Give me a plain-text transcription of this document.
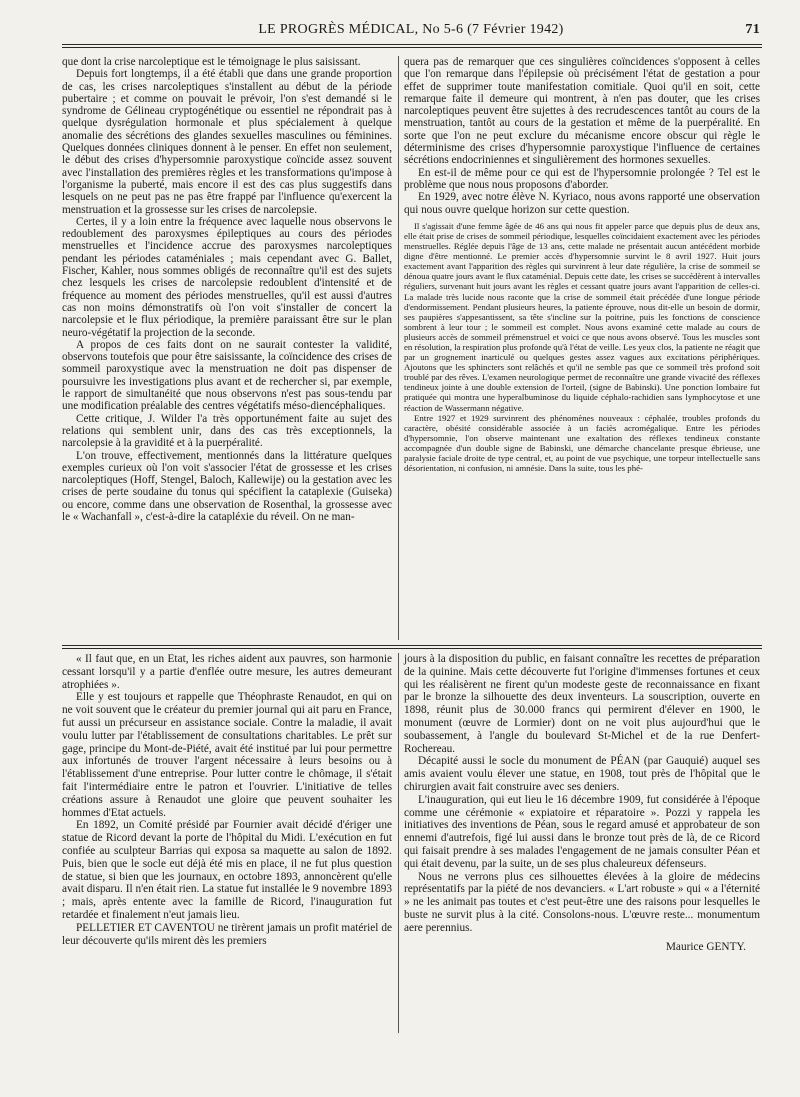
LE PROGRÈS MÉDICAL, No 5-6 (7 Février 1942)	71

que dont la crise narcoleptique est le témoignage le plus saisissant.

Depuis fort longtemps, il a été établi que dans une grande proportion de cas, les crises narcoleptiques s'installent au début de la période pubertaire ; et comme on pouvait le prévoir, l'on s'est demandé si le syndrome de Gélineau cryptogénétique ou essentiel ne répondrait pas à quelque dysrégulation hormonale et plus spécialement à quelque anomalie des sécrétions des glandes sexuelles masculines ou féminines. Quelques données cliniques donnent à le penser. En effet non seulement, le début des crises d'hypersomnie paroxystique coïncide assez souvent avec l'installation des premières règles et les transformations qu'impose à l'organisme la puberté, mais encore il est des cas plus suggestifs dans lesquels on ne peut pas ne pas être frappé par l'influence qu'exercent la menstruation et la grossesse sur les crises de narcolepsie.

Certes, il y a loin entre la fréquence avec laquelle nous observons le redoublement des paroxysmes épileptiques au cours des périodes menstruelles et l'incidence accrue des paroxysmes narcoleptiques pendant les périodes cataméniales ; mais cependant avec G. Ballet, Fischer, Kahler, nous sommes obligés de reconnaître qu'il est des sujets chez lesquels les crises de narcolepsie redoublent d'intensité et de fréquence au moment des périodes menstruelles, qu'il est aussi d'autres cas non moins démonstratifs où l'on voit s'installer de concert la narcolepsie et le flux périodique, la première paraissant être sur le plan neuro-végétatif la projection de la seconde.

A propos de ces faits dont on ne saurait contester la validité, observons toutefois que pour être saisissante, la coïncidence des crises de sommeil paroxystique avec la menstruation ne doit pas dispenser de poursuivre les investigations plus avant et de rechercher si, par exemple, le rapport de simultanéité que nous observons n'est pas sous-tendu par une modification préalable des centres végétatifs méso-diencéphaliques.

Cette critique, J. Wilder l'a très opportunément faite au sujet des relations qui semblent unir, dans des cas très exceptionnels, la narcolepsie à la gravidité et à la puerpéralité.

L'on trouve, effectivement, mentionnés dans la littérature quelques exemples curieux où l'on voit s'associer l'état de grossesse et les crises narcoleptiques (Hoff, Stengel, Baloch, Kallewije) ou la gestation avec les crises de perte soudaine du tonus qui spécifient la cataplexie (Guiseka) ou encore, comme dans une observation de Rosenthal, la grossesse avec le « Wachanfall », c'est-à-dire la catapléxie du réveil. On ne man-

quera pas de remarquer que ces singulières coïncidences s'opposent à celles que l'on remarque dans l'épilepsie où précisément l'état de gestation a pour effet de supprimer toute manifestation comitiale. Quoi qu'il en soit, cette remarque faite il demeure qui montrent, à n'en pas douter, que les crises narcoleptiques peuvent être sujettes à des recrudescences tantôt au cours de la menstruation, tantôt au cours de la gestation et même de la puerpéralité. En sorte que l'on ne peut exclure du mécanisme encore obscur qui règle le déterminisme des crises d'hypersomnie paroxystique l'influence de certaines sécrétions endocriniennes et singulièrement des hormones sexuelles.

En est-il de même pour ce qui est de l'hypersomnie prolongée ? Tel est le problème que nous nous proposons d'aborder.

En 1929, avec notre élève N. Kyriaco, nous avons rapporté une observation qui nous ouvre quelque horizon sur cette question.

Il s'agissait d'une femme âgée de 46 ans qui nous fit appeler parce que depuis plus de deux ans, elle était prise de crises de sommeil périodique, lesquelles coïncidaient exactement avec les périodes menstruelles. Réglée depuis l'âge de 13 ans, cette malade ne présentait aucun antécédent morbide digne d'être mentionné. Le premier accès d'hypersomnie survint le 8 avril 1927. Huit jours exactement avant l'apparition des règles qui survinrent à leur date régulière, la crise de sommeil se dénoua quatre jours avant le flux cataménial. Depuis cette date, les crises se succédèrent à intervalles réguliers, survenant huit jours avant les règles et cessant quatre jours avant l'apparition de celles-ci. La malade très lucide nous raconte que la crise de sommeil était précédée d'une longue période d'endormissement. Pendant plusieurs heures, la patiente éprouve, nous dit-elle un besoin de dormir, ses paupières s'appesantissent, sa tête s'incline sur la poitrine, puis les fonctions de conscience sombrent à leur tour ; le sommeil est complet. Nous avons examiné cette malade au cours de plusieurs accès de sommeil prémenstruel et voici ce que nous avons observé. Tous les muscles sont en résolution, la respiration plus profonde qu'à l'état de veille. Les yeux clos, la patiente ne réagit que par un grognement inarticulé ou quelques gestes assez vagues aux excitations périphériques. Ajoutons que les sphincters sont relâchés et qu'il ne semble pas que ce sommeil très profond soit troublé par des rêves. L'examen neurologique permet de reconnaître une grande vivacité des réflexes tendineux jointe à une double extension de l'orteil, (signe de Babinski). Une ponction lombaire fut pratiquée qui montra une hyperalbuminose du liquide céphalo-rachidien sans lymphocytose et une réaction de Wassermann négative.

Entre 1927 et 1929 survinrent des phénomènes nouveaux : céphalée, troubles profonds du caractère, obésité considérable associée à un faciès acromégalique. Entre les périodes d'hypersomnie, l'on observe maintenant une exaltation des réflexes tendineux constante accompagnée d'un double signe de Babinski, une démarche chancelante presque ébrieuse, une paralysie faciale droite de type central, et, au point de vue psychique, une torpeur intellectuelle sans désorientation, ni confusion, ni amnésie. Dans la suite, tous les phé-

« Il faut que, en un Etat, les riches aident aux pauvres, son harmonie cessant lorsqu'il y a partie d'enflée outre mesure, les autres demeurant atrophiées ».

Elle y est toujours et rappelle que Théophraste Renaudot, en qui on ne voit souvent que le créateur du premier journal qui ait paru en France, fut aussi un précurseur en assistance sociale. Contre la maladie, il avait voulu lutter par l'établissement de consultations charitables. Le prêt sur gage, principe du Mont-de-Piété, avait été institué par lui pour permettre aux infortunés de trouver l'argent nécessaire à leurs besoins ou à l'établissement d'une entreprise. Pour lutter contre le chômage, il s'était fait l'intermédiaire entre le patron et l'ouvrier. L'initiative de telles créations assure à Renaudot une gloire que peuvent souhaiter les hommes d'Etat actuels.

En 1892, un Comité présidé par Fournier avait décidé d'ériger une statue de Ricord devant la porte de l'hôpital du Midi. L'exécution en fut confiée au sculpteur Barrias qui exposa sa maquette au salon de 1892. Puis, bien que le socle eut déjà été mis en place, il ne fut plus question de statue, si bien que les journaux, en octobre 1893, annoncèrent qu'elle avait disparu. Il n'en était rien. La statue fut installée le 9 novembre 1893 ; mais, après entente avec la famille de Ricord, l'inauguration fut retardée et finalement n'eut jamais lieu.

PELLETIER ET CAVENTOU ne tirèrent jamais un profit matériel de leur découverte qu'ils mirent dès les premiers

jours à la disposition du public, en faisant connaître les recettes de préparation de la quinine. Mais cette découverte fut l'origine d'immenses fortunes et ceux qui les réalisèrent ne firent qu'un modeste geste de reconnaissance en fixant par le bronze la silhouette des deux inventeurs. La souscription, ouverte en 1898, réunit plus de 30.000 francs qui permirent d'élever en 1900, le monument (œuvre de Lormier) dont on ne voit plus aujourd'hui que le soubassement, à l'angle du boulevard St-Michel et de la rue Denfert-Rochereau.

Décapité aussi le socle du monument de PÉAN (par Gauquié) auquel ses amis avaient voulu élever une statue, en 1908, tout près de l'hôpital que le chirurgien avait fait construire avec ses deniers.

L'inauguration, qui eut lieu le 16 décembre 1909, fut considérée à l'époque comme une cérémonie « expiatoire et réparatoire ». Pozzi y rappela les initiatives des inventions de Péan, sous le regard amusé et approbateur de son ennemi d'autrefois, figé lui aussi dans le bronze tout près de là, de ce Ricord qui faisait prendre à ses malades l'engagement de ne jamais consulter Péan et qui était devenu, par la suite, un de ses plus chaleureux défenseurs.

Nous ne verrons plus ces silhouettes élevées à la gloire de médecins représentatifs par la piété de nos devanciers. « L'art robuste » qui « a l'éternité » ne les animait pas toutes et c'est peut-être une des raisons pour lesquelles le buste ne survit plus à la cité. Consolons-nous. L'œuvre reste... monumentum aere perennius.

Maurice GENTY.
